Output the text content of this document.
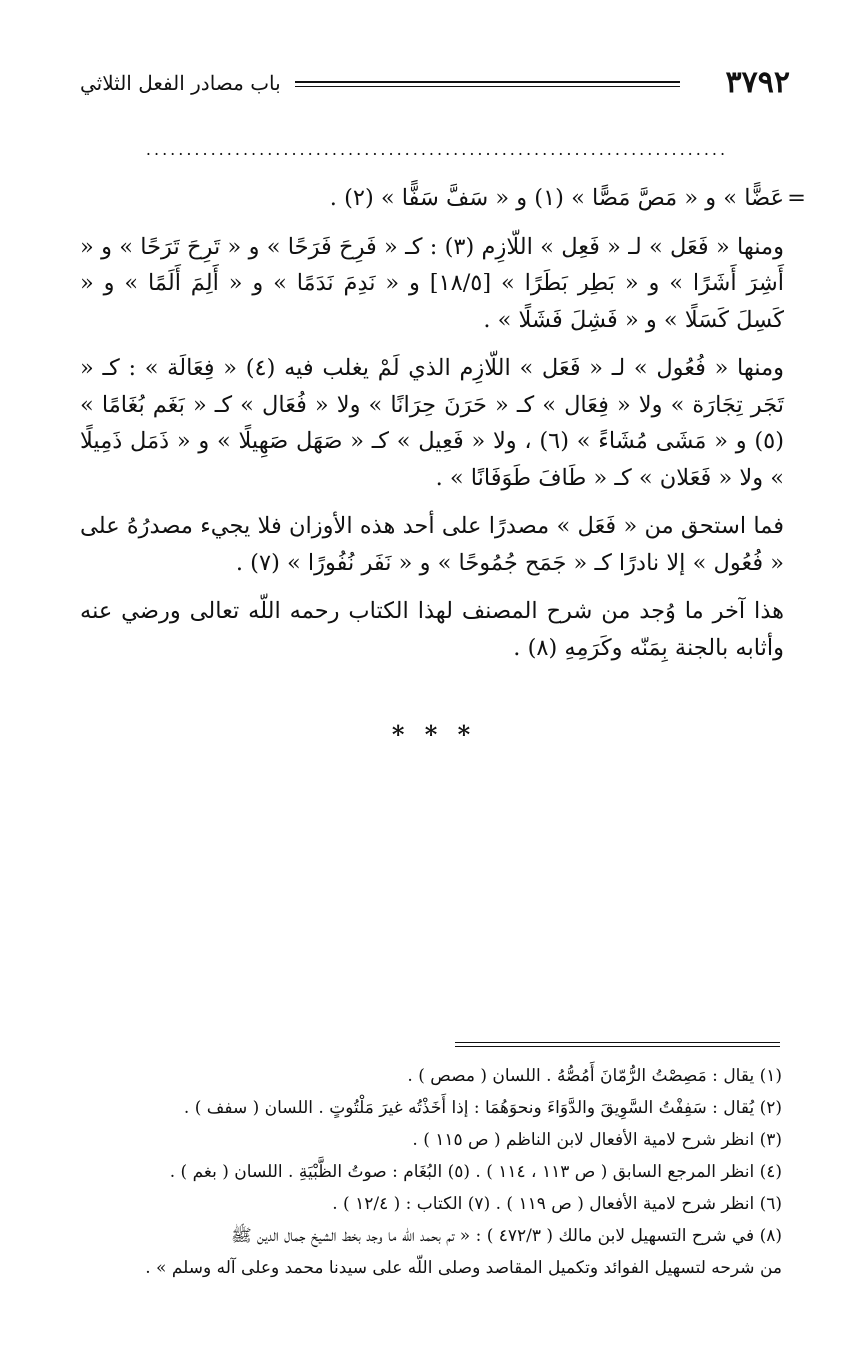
٣٧٩٢
باب مصادر الفعل الثلاثي
........................................................................

=
عَضًّا » و « مَصَّ مَصًّا » (١) و « سَفَّ سَفًّا » (٢) .

ومنها « فَعَل » لـ « فَعِل » اللّازِم (٣) : كـ « فَرِحَ فَرَحًا » و « تَرِحَ تَرَحًا » و « أَشِرَ أَشَرًا » و « بَطِر بَطَرًا » [١٨/٥] و « نَدِمَ نَدَمًا » و « أَلِمَ أَلَمًا » و « كَسِلَ كَسَلًا » و « فَشِلَ فَشَلًا » .

ومنها « فُعُول » لـ « فَعَل » اللّازِم الذي لَمْ يغلب فيه (٤) « فِعَالَة » : كـ « تَجَر تِجَارَة » ولا « فِعَال » كـ « حَرَنَ حِرَانًا » ولا « فُعَال » كـ « بَغَم بُغَامًا » (٥) و « مَشَى مُشَاءً » (٦) ، ولا « فَعِيل » كـ « صَهَل صَهِيلًا » و « ذَمَل ذَمِيلًا » ولا « فَعَلان » كـ « طَافَ طَوَفَانًا » .

فما استحق من « فَعَل » مصدرًا على أحد هذه الأوزان فلا يجيء مصدرُهُ على « فُعُول » إلا نادرًا كـ « جَمَح جُمُوحًا » و « نَفَر نُفُورًا » (٧) .

هذا آخر ما وُجد من شرح المصنف لهذا الكتاب رحمه اللّه تعالى ورضي عنه وأثابه بالجنة بِمَنّه وكَرَمِهِ (٨) .

* * *
(١) يقال : مَصِصْتُ الرُّمّانَ أَمُصُّهُ . اللسان ( مصص ) .
(٢) يُقال : سَفِفْتُ السَّوِيقَ والدَّوَاءَ ونحوَهُمَا : إذا أَخَذْتُه غيرَ مَلْتُوتٍ . اللسان ( سفف ) .
(٣) انظر شرح لامية الأفعال لابن الناظم ( ص ١١٥ ) .
(٤) انظر المرجع السابق ( ص ١١٣ ، ١١٤ ) . (٥) البُغَام : صوتُ الظَّبْيَةِ . اللسان ( بغم ) .
(٦) انظر شرح لامية الأفعال ( ص ١١٩ ) . (٧) الكتاب : ( ١٢/٤ ) .
(٨) في شرح التسهيل لابن مالك ( ٤٧٢/٣ ) : « تم بحمد اللّه ما وجد بخط الشيخ جمال الدين ﷺ
من شرحه لتسهيل الفوائد وتكميل المقاصد وصلى اللّه على سيدنا محمد وعلى آله وسلم » .
